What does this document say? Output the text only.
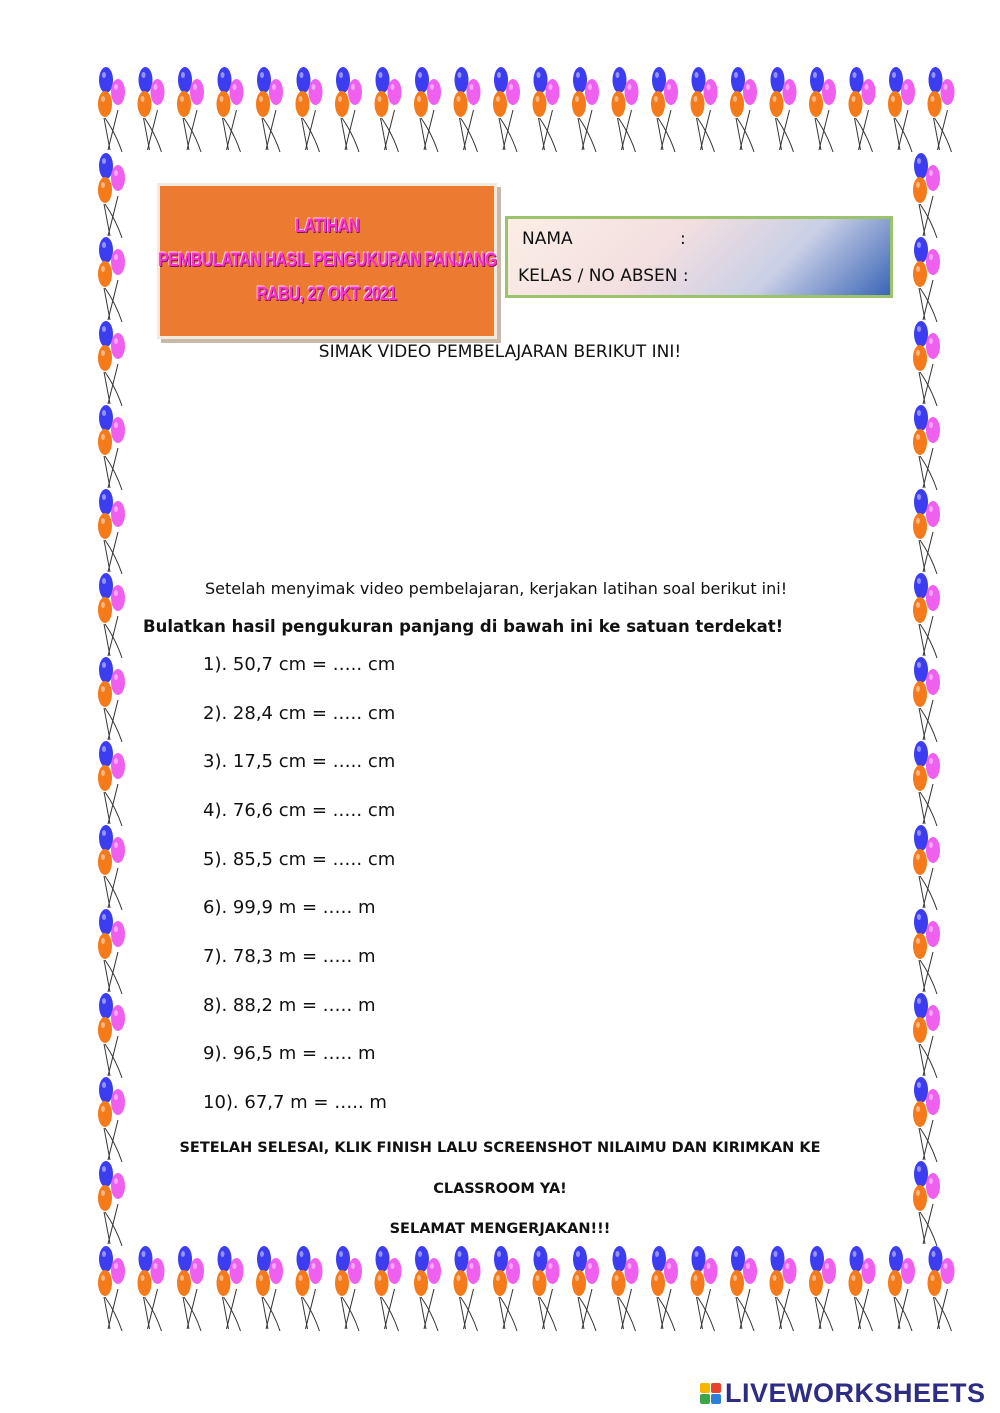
LATIHAN
PEMBULATAN HASIL PENGUKURAN PANJANG
RABU, 27 OKT 2021
NAMA	:
KELAS / NO ABSEN :
SIMAK VIDEO PEMBELAJARAN BERIKUT INI!
Setelah menyimak video pembelajaran, kerjakan latihan soal berikut ini!
Bulatkan hasil pengukuran panjang di bawah ini ke satuan terdekat!
1). 50,7 cm = ….. cm
2). 28,4 cm = .…. cm
3). 17,5 cm = ….. cm
4). 76,6 cm = .…. cm
5). 85,5 cm = .…. cm
6). 99,9 m = .…. m
7). 78,3 m = .…. m
8). 88,2 m = .…. m
9). 96,5 m = .…. m
10). 67,7 m = ….. m
SETELAH SELESAI, KLIK FINISH LALU SCREENSHOT NILAIMU DAN KIRIMKAN KE
CLASSROOM YA!
SELAMAT MENGERJAKAN!!!
LIVEWORKSHEETS
